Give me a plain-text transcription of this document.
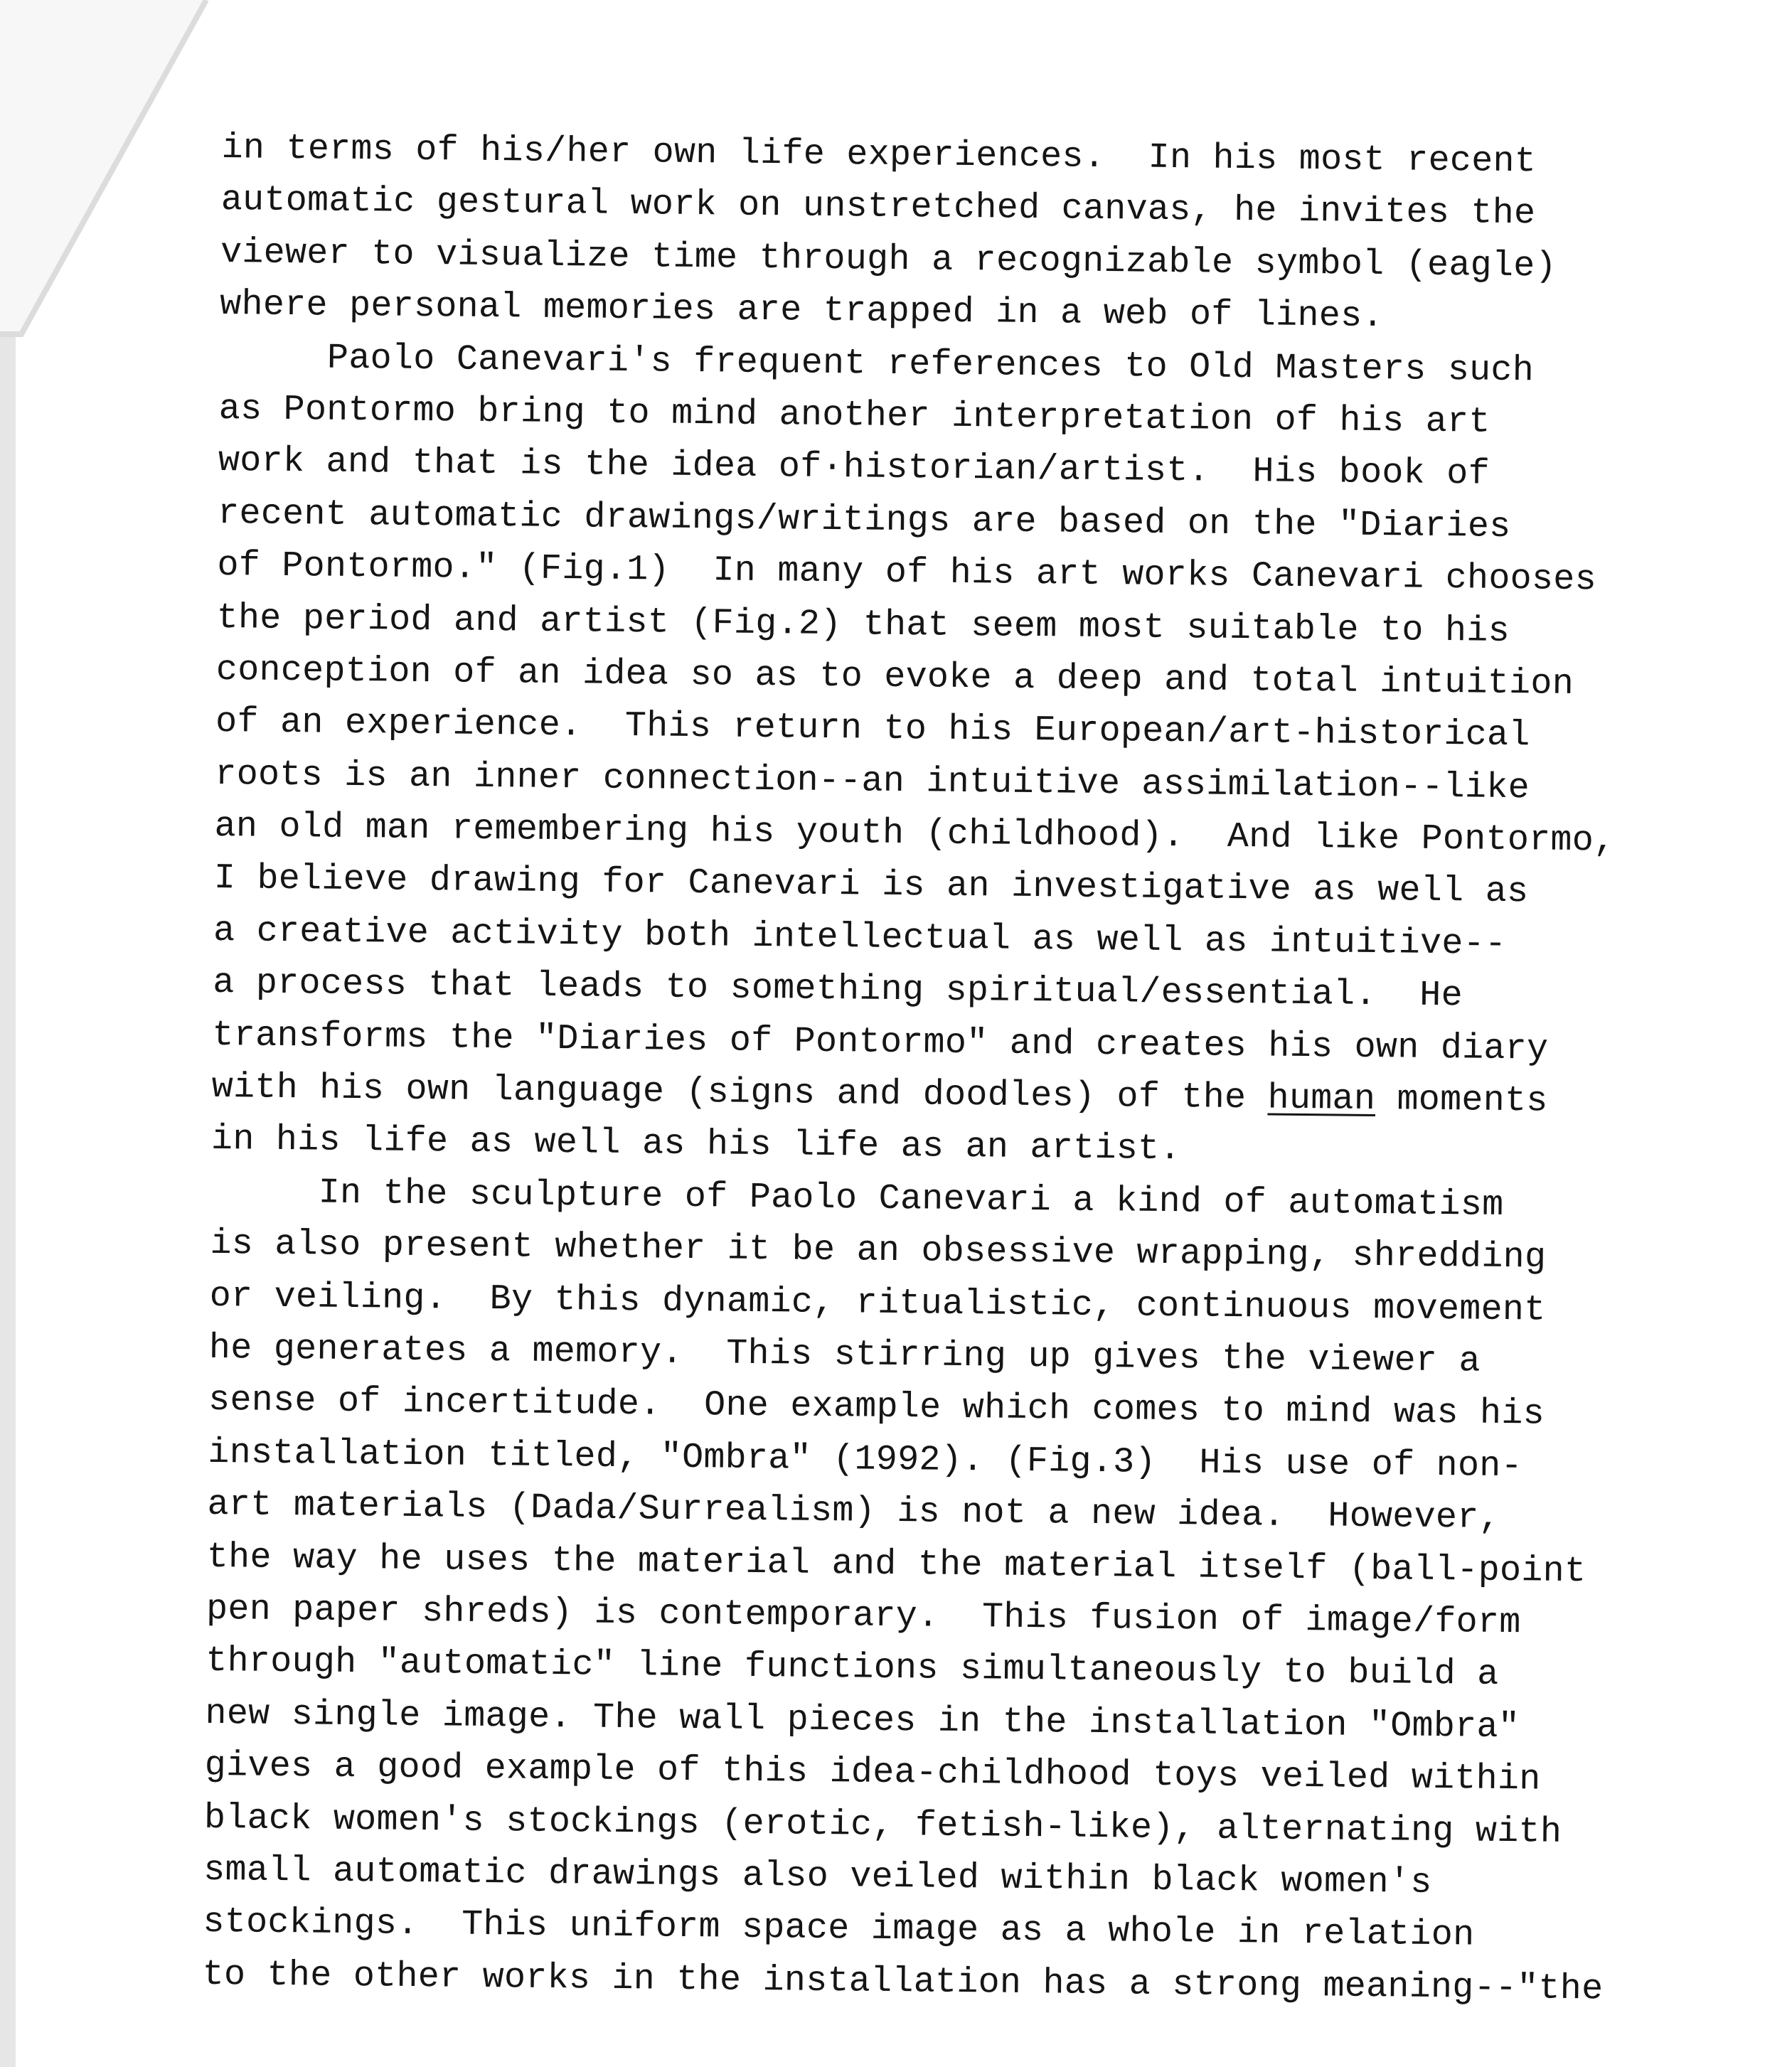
in terms of his/her own life experiences.  In his most recent
automatic gestural work on unstretched canvas, he invites the
viewer to visualize time through a recognizable symbol (eagle)
where personal memories are trapped in a web of lines.
Paolo Canevari's frequent references to Old Masters such
as Pontormo bring to mind another interpretation of his art
work and that is the idea of·historian/artist.  His book of
recent automatic drawings/writings are based on the "Diaries
of Pontormo." (Fig.1)  In many of his art works Canevari chooses
the period and artist (Fig.2) that seem most suitable to his
conception of an idea so as to evoke a deep and total intuition
of an experience.  This return to his European/art-historical
roots is an inner connection--an intuitive assimilation--like
an old man remembering his youth (childhood).  And like Pontormo,
I believe drawing for Canevari is an investigative as well as
a creative activity both intellectual as well as intuitive--
a process that leads to something spiritual/essential.  He
transforms the "Diaries of Pontormo" and creates his own diary
with his own language (signs and doodles) of the human moments
in his life as well as his life as an artist.
In the sculpture of Paolo Canevari a kind of automatism
is also present whether it be an obsessive wrapping, shredding
or veiling.  By this dynamic, ritualistic, continuous movement
he generates a memory.  This stirring up gives the viewer a
sense of incertitude.  One example which comes to mind was his
installation titled, "Ombra" (1992). (Fig.3)  His use of non-
art materials (Dada/Surrealism) is not a new idea.  However,
the way he uses the material and the material itself (ball-point
pen paper shreds) is contemporary.  This fusion of image/form
through "automatic" line functions simultaneously to build a
new single image. The wall pieces in the installation "Ombra"
gives a good example of this idea-childhood toys veiled within
black women's stockings (erotic, fetish-like), alternating with
small automatic drawings also veiled within black women's
stockings.  This uniform space image as a whole in relation
to the other works in the installation has a strong meaning--"the
